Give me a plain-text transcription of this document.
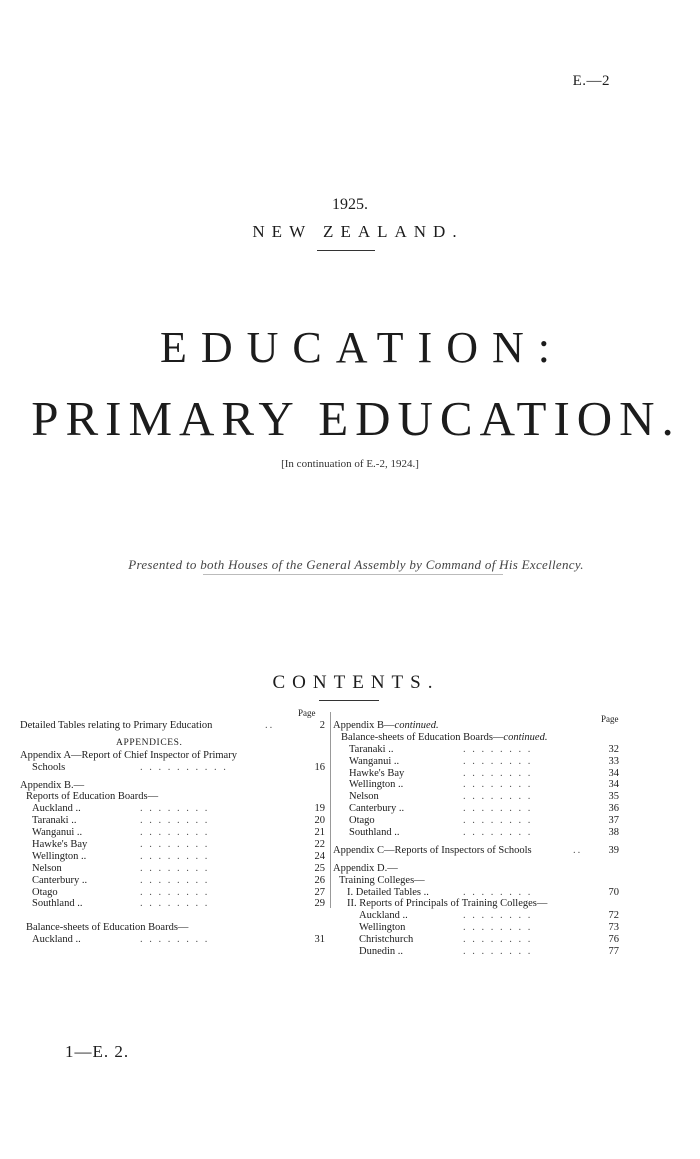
E.—2
1925.
NEW ZEALAND.
EDUCATION:
PRIMARY EDUCATION.
[In continuation of E.-2, 1924.]
Presented to both Houses of the General Assembly by Command of His Excellency.
CONTENTS.
Page
Detailed Tables relating to Primary Education	..	2
APPENDICES.
Appendix A—Report of Chief Inspector of Primary
Schools	. . . . . . . . . .	16
Appendix B.—
Reports of Education Boards—
Auckland ..	. . . . . . . .	19
Taranaki ..	. . . . . . . .	20
Wanganui ..	. . . . . . . .	21
Hawke's Bay	. . . . . . . .	22
Wellington ..	. . . . . . . .	24
Nelson	. . . . . . . .	25
Canterbury ..	. . . . . . . .	26
Otago	. . . . . . . .	27
Southland ..	. . . . . . . .	29
Balance-sheets of Education Boards—
Auckland ..	. . . . . . . .	31
Page
Appendix B—continued.
Balance-sheets of Education Boards—continued.
Taranaki ..	. . . . . . . .	32
Wanganui ..	. . . . . . . .	33
Hawke's Bay	. . . . . . . .	34
Wellington ..	. . . . . . . .	34
Nelson	. . . . . . . .	35
Canterbury ..	. . . . . . . .	36
Otago	. . . . . . . .	37
Southland ..	. . . . . . . .	38
Appendix C—Reports of Inspectors of Schools	..	39
Appendix D.—
Training Colleges—
I. Detailed Tables ..	. . . . . . . .	70
II. Reports of Principals of Training Colleges—
Auckland ..	. . . . . . . .	72
Wellington	. . . . . . . .	73
Christchurch	. . . . . . . .	76
Dunedin ..	. . . . . . . .	77
1—E. 2.
